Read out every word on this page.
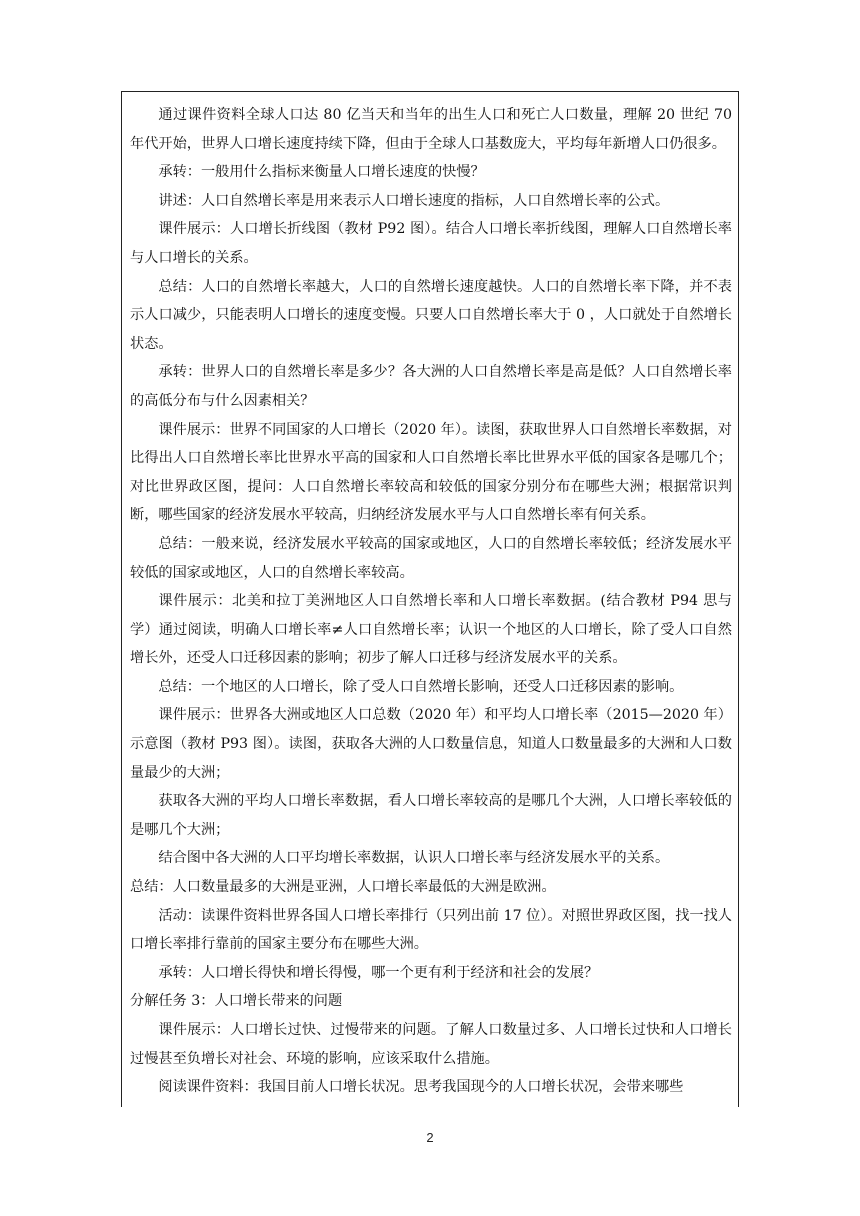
通过课件资料全球人口达 80 亿当天和当年的出生人口和死亡人口数量，理解 20 世纪 70 年代开始，世界人口增长速度持续下降，但由于全球人口基数庞大，平均每年新增人口仍很多。

承转：一般用什么指标来衡量人口增长速度的快慢？

讲述：人口自然增长率是用来表示人口增长速度的指标，人口自然增长率的公式。

课件展示：人口增长折线图（教材 P92 图）。结合人口增长率折线图，理解人口自然增长率与人口增长的关系。

总结：人口的自然增长率越大，人口的自然增长速度越快。人口的自然增长率下降，并不表示人口减少，只能表明人口增长的速度变慢。只要人口自然增长率大于 0 ，人口就处于自然增长状态。

承转：世界人口的自然增长率是多少？各大洲的人口自然增长率是高是低？人口自然增长率的高低分布与什么因素相关？

课件展示：世界不同国家的人口增长（2020 年）。读图，获取世界人口自然增长率数据，对比得出人口自然增长率比世界水平高的国家和人口自然增长率比世界水平低的国家各是哪几个；对比世界政区图，提问：人口自然增长率较高和较低的国家分别分布在哪些大洲；根据常识判断，哪些国家的经济发展水平较高，归纳经济发展水平与人口自然增长率有何关系。

总结：一般来说，经济发展水平较高的国家或地区，人口的自然增长率较低；经济发展水平较低的国家或地区，人口的自然增长率较高。

课件展示：北美和拉丁美洲地区人口自然增长率和人口增长率数据。(结合教材 P94 思与学）通过阅读，明确人口增长率≠人口自然增长率；认识一个地区的人口增长，除了受人口自然增长外，还受人口迁移因素的影响；初步了解人口迁移与经济发展水平的关系。

总结：一个地区的人口增长，除了受人口自然增长影响，还受人口迁移因素的影响。

课件展示：世界各大洲或地区人口总数（2020 年）和平均人口增长率（2015—2020 年）示意图（教材 P93 图）。读图，获取各大洲的人口数量信息，知道人口数量最多的大洲和人口数量最少的大洲；

获取各大洲的平均人口增长率数据，看人口增长率较高的是哪几个大洲，人口增长率较低的是哪几个大洲；

结合图中各大洲的人口平均增长率数据，认识人口增长率与经济发展水平的关系。

总结：人口数量最多的大洲是亚洲，人口增长率最低的大洲是欧洲。

活动：读课件资料世界各国人口增长率排行（只列出前 17 位）。对照世界政区图，找一找人口增长率排行靠前的国家主要分布在哪些大洲。

承转：人口增长得快和增长得慢，哪一个更有利于经济和社会的发展？

分解任务 3：人口增长带来的问题

课件展示：人口增长过快、过慢带来的问题。了解人口数量过多、人口增长过快和人口增长过慢甚至负增长对社会、环境的影响，应该采取什么措施。

阅读课件资料：我国目前人口增长状况。思考我国现今的人口增长状况，会带来哪些

2
